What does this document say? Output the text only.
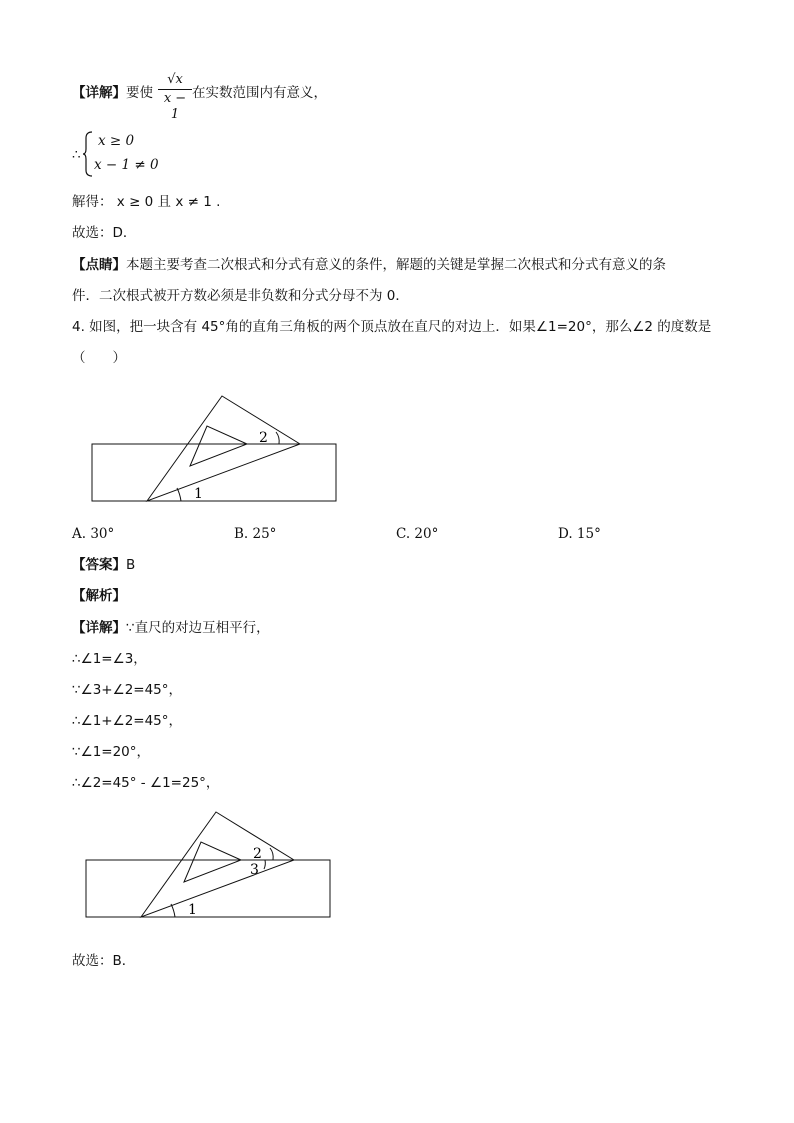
【详解】要使
√x
x − 1
在实数范围内有意义，
∴
x ≥ 0
x − 1 ≠ 0
解得： x ≥ 0 且 x ≠ 1 .
故选：D．
【点睛】本题主要考查二次根式和分式有意义的条件，解题的关键是掌握二次根式和分式有意义的条
件．二次根式被开方数必须是非负数和分式分母不为 0．
4. 如图，把一块含有 45°角的直角三角板的两个顶点放在直尺的对边上．如果∠1=20°，那么∠2 的度数是
（　　）
1
2
A. 30°	B. 25°	C. 20°	D. 15°
【答案】B
【解析】
【详解】∵直尺的对边互相平行，
∴∠1=∠3，
∵∠3+∠2=45°，
∴∠1+∠2=45°，
∵∠1=20°，
∴∠2=45° - ∠1=25°，
1
2
3
故选：B．
